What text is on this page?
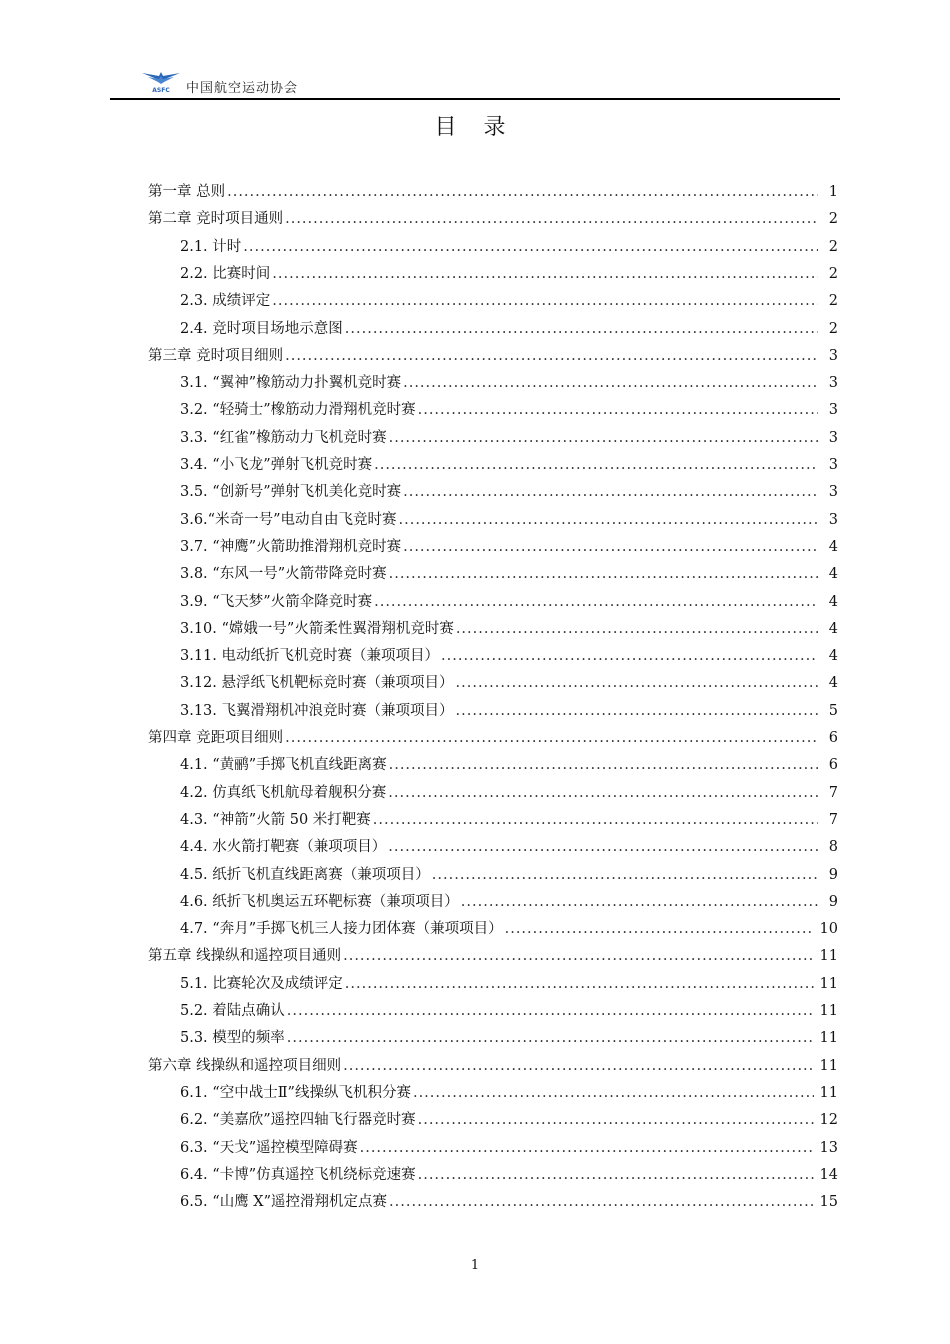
ASFC 中国航空运动协会
目 录
第一章 总则 .....	1
第二章 竞时项目通则 .....	2
2.1. 计时 .....	2
2.2. 比赛时间 .....	2
2.3. 成绩评定 .....	2
2.4. 竞时项目场地示意图 .....	2
第三章 竞时项目细则 .....	3
3.1. “翼神”橡筋动力扑翼机竞时赛 .....	3
3.2. “轻骑士”橡筋动力滑翔机竞时赛 .....	3
3.3. “红雀”橡筋动力飞机竞时赛 .....	3
3.4. “小飞龙”弹射飞机竞时赛 .....	3
3.5. “创新号”弹射飞机美化竞时赛 .....	3
3.6.“米奇一号”电动自由飞竞时赛 .....	3
3.7. “神鹰”火箭助推滑翔机竞时赛 .....	4
3.8. “东风一号”火箭带降竞时赛 .....	4
3.9. “飞天梦”火箭伞降竞时赛 .....	4
3.10. “嫦娥一号”火箭柔性翼滑翔机竞时赛 .....	4
3.11. 电动纸折飞机竞时赛（兼项项目） .....	4
3.12. 悬浮纸飞机靶标竞时赛（兼项项目） .....	4
3.13. 飞翼滑翔机冲浪竞时赛（兼项项目） .....	5
第四章 竞距项目细则 .....	6
4.1. “黄鹂”手掷飞机直线距离赛 .....	6
4.2. 仿真纸飞机航母着舰积分赛 .....	7
4.3. “神箭”火箭 50 米打靶赛 .....	7
4.4. 水火箭打靶赛（兼项项目） .....	8
4.5. 纸折飞机直线距离赛（兼项项目） .....	9
4.6. 纸折飞机奥运五环靶标赛（兼项项目） .....	9
4.7. “奔月”手掷飞机三人接力团体赛（兼项项目） .....	10
第五章 线操纵和遥控项目通则 .....	11
5.1. 比赛轮次及成绩评定 .....	11
5.2. 着陆点确认 .....	11
5.3. 模型的频率 .....	11
第六章 线操纵和遥控项目细则 .....	11
6.1. “空中战士Ⅱ”线操纵飞机积分赛 .....	11
6.2. “美嘉欣”遥控四轴飞行器竞时赛 .....	12
6.3. “天戈”遥控模型障碍赛 .....	13
6.4. “卡博”仿真遥控飞机绕标竞速赛 .....	14
6.5. “山鹰 X”遥控滑翔机定点赛 .....	15
1
